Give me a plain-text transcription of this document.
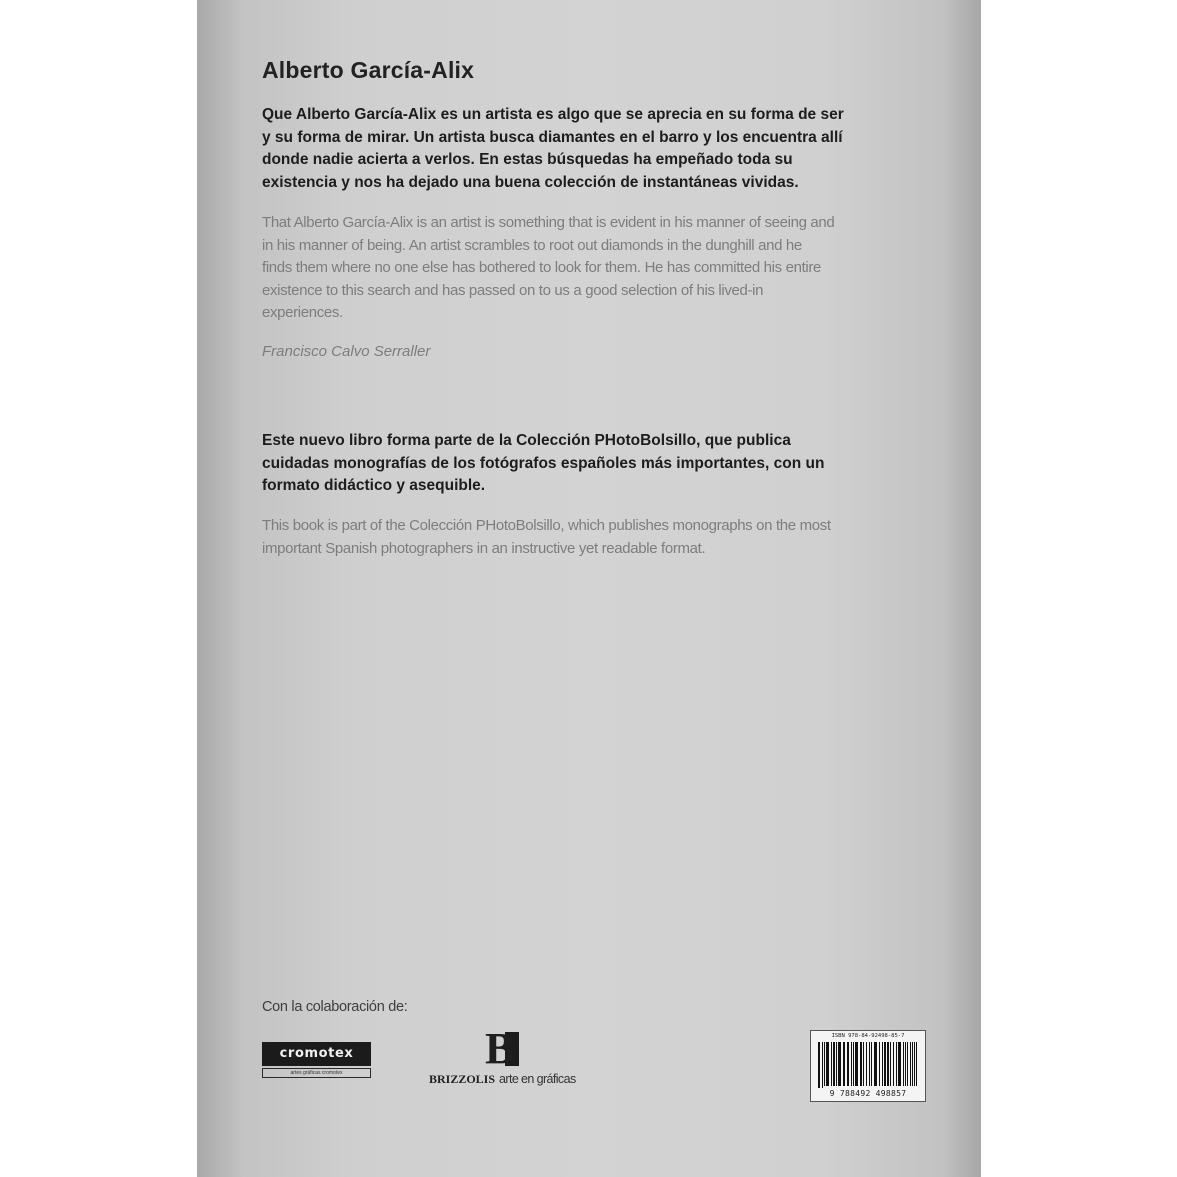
Alberto García-Alix

Que Alberto García-Alix es un artista es algo que se aprecia en su forma de ser
y su forma de mirar. Un artista busca diamantes en el barro y los encuentra allí
donde nadie acierta a verlos. En estas búsquedas ha empeñado toda su
existencia y nos ha dejado una buena colección de instantáneas vividas.

That Alberto García-Alix is an artist is something that is evident in his manner of seeing and
in his manner of being. An artist scrambles to root out diamonds in the dunghill and he
finds them where no one else has bothered to look for them. He has committed his entire
existence to this search and has passed on to us a good selection of his lived-in
experiences.

Francisco Calvo Serraller

Este nuevo libro forma parte de la Colección PHotoBolsillo, que publica
cuidadas monografías de los fotógrafos españoles más importantes, con un
formato didáctico y asequible.

This book is part of the Colección PHotoBolsillo, which publishes monographs on the most
important Spanish photographers in an instructive yet readable format.

Con la colaboración de:

cromotex
artes gráficas cromotex	B
BRIZZOLIS arte en gráficas
ISBN 978-84-92498-85-7
9 788492 498857
